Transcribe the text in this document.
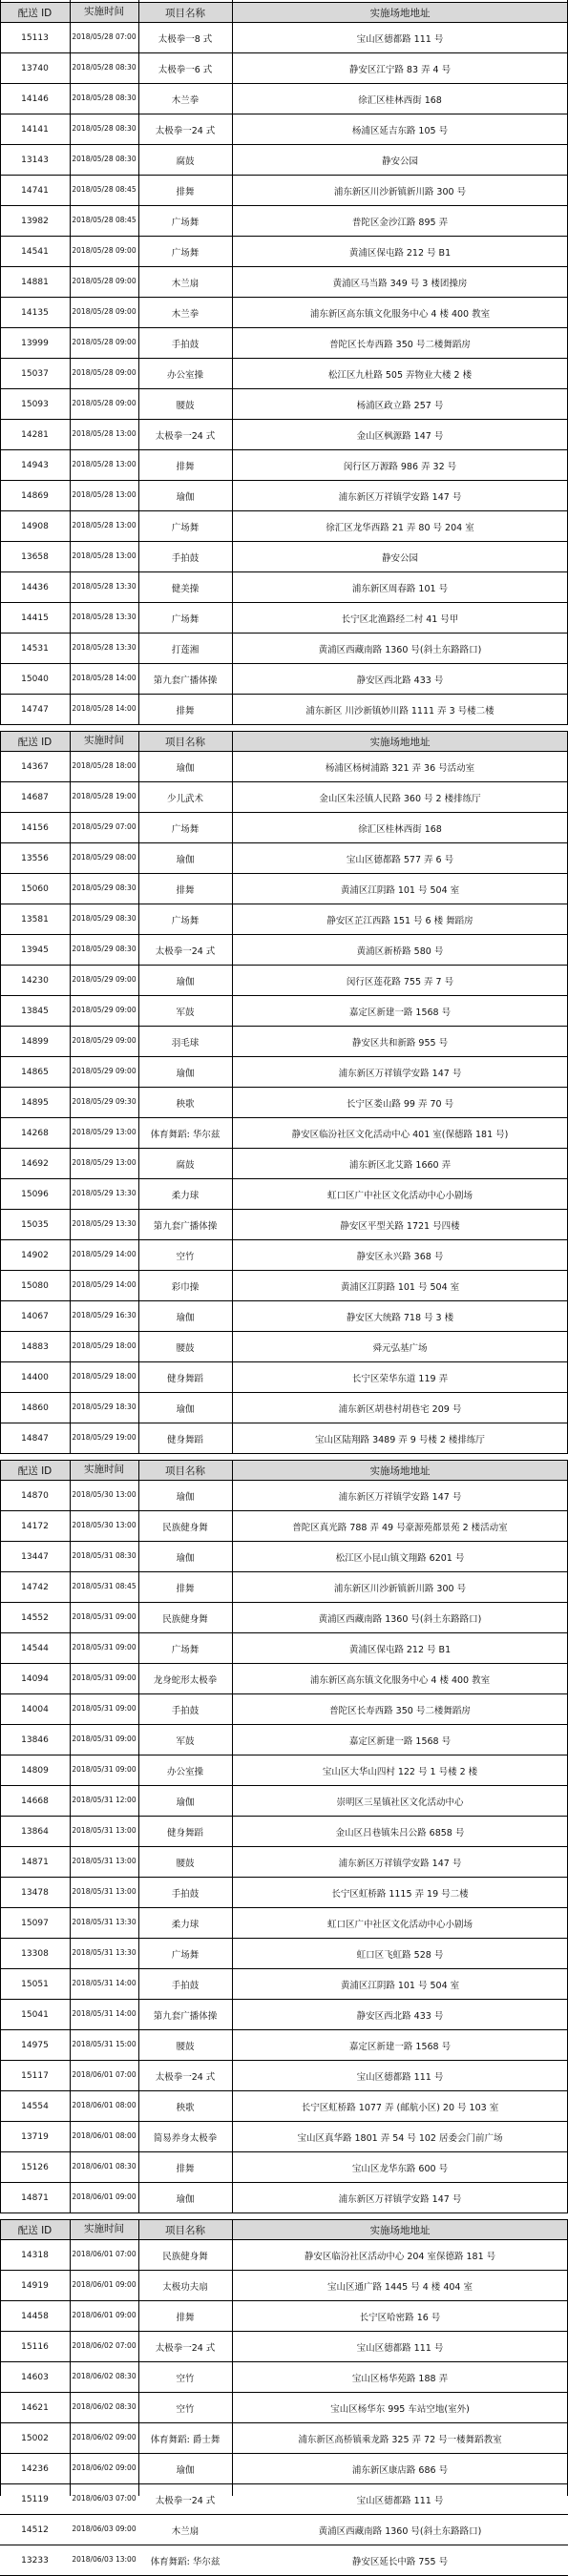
配送 ID	实施时间	项目名称	实施场地地址
15113	2018/05/28 07:00	太极拳一8 式	宝山区德都路 111 号
13740	2018/05/28 08:30	太极拳一6 式	静安区江宁路 83 弄 4 号
14146	2018/05/28 08:30	木兰拳	徐汇区桂林西街 168
14141	2018/05/28 08:30	太极拳一24 式	杨浦区延吉东路 105 号
13143	2018/05/28 08:30	腐鼓	静安公园
14741	2018/05/28 08:45	排舞	浦东新区川沙新镇新川路 300 号
13982	2018/05/28 08:45	广场舞	普陀区金沙江路 895 弄
14541	2018/05/28 09:00	广场舞	黄浦区保屯路 212 号 B1
14881	2018/05/28 09:00	木兰扇	黄浦区马当路 349 号 3 楼团操房
14135	2018/05/28 09:00	木兰拳	浦东新区高东镇文化服务中心 4 楼 400 教室
13999	2018/05/28 09:00	手拍鼓	普陀区长寿西路 350 号二楼舞蹈房
15037	2018/05/28 09:00	办公室操	松江区九杜路 505 弄物业大楼 2 楼
15093	2018/05/28 09:00	腰鼓	杨浦区政立路 257 号
14281	2018/05/28 13:00	太极拳一24 式	金山区枫源路 147 号
14943	2018/05/28 13:00	排舞	闵行区万源路 986 弄 32 号
14869	2018/05/28 13:00	瑜伽	浦东新区万祥镇学安路 147 号
14908	2018/05/28 13:00	广场舞	徐汇区龙华西路 21 弄 80 号 204 室
13658	2018/05/28 13:00	手拍鼓	静安公园
14436	2018/05/28 13:30	健美操	浦东新区周春路 101 号
14415	2018/05/28 13:30	广场舞	长宁区北渔路经二村 41 号甲
14531	2018/05/28 13:30	打莲湘	黄浦区西藏南路 1360 号(斜土东路路口)
15040	2018/05/28 14:00	第九套广播体操	静安区西北路 433 号
14747	2018/05/28 14:00	排舞	浦东新区 川沙新镇妙川路 1111 弄 3 号楼二楼
配送 ID	实施时间	项目名称	实施场地地址
14367	2018/05/28 18:00	瑜伽	杨浦区杨树浦路 321 弄 36 号活动室
14687	2018/05/28 19:00	少儿武术	金山区朱泾镇人民路 360 号 2 楼排练厅
14156	2018/05/29 07:00	广场舞	徐汇区桂林西街 168
13556	2018/05/29 08:00	瑜伽	宝山区德都路 577 弄 6 号
15060	2018/05/29 08:30	排舞	黄浦区江阴路 101 号 504 室
13581	2018/05/29 08:30	广场舞	静安区芷江西路 151 号 6 楼 舞蹈房
13945	2018/05/29 08:30	太极拳一24 式	黄浦区新桥路 580 号
14230	2018/05/29 09:00	瑜伽	闵行区莲花路 755 弄 7 号
13845	2018/05/29 09:00	军鼓	嘉定区新建一路 1568 号
14899	2018/05/29 09:00	羽毛球	静安区共和新路 955 号
14865	2018/05/29 09:00	瑜伽	浦东新区万祥镇学安路 147 号
14895	2018/05/29 09:30	秧歌	长宁区娄山路 99 弄 70 号
14268	2018/05/29 13:00	体育舞蹈: 华尔兹	静安区临汾社区文化活动中心 401 室(保德路 181 号)
14692	2018/05/29 13:00	腐鼓	浦东新区北艾路 1660 弄
15096	2018/05/29 13:30	柔力球	虹口区广中社区文化活动中心小剧场
15035	2018/05/29 13:30	第九套广播体操	静安区平型关路 1721 号四楼
14902	2018/05/29 14:00	空竹	静安区永兴路 368 号
15080	2018/05/29 14:00	彩巾操	黄浦区江阴路 101 号 504 室
14067	2018/05/29 16:30	瑜伽	静安区大统路 718 号 3 楼
14883	2018/05/29 18:00	腰鼓	舜元弘基广场
14400	2018/05/29 18:00	健身舞蹈	长宁区荣华东道 119 弄
14860	2018/05/29 18:30	瑜伽	浦东新区胡巷村胡巷宅 209 号
14847	2018/05/29 19:00	健身舞蹈	宝山区陆翔路 3489 弄 9 号楼 2 楼排练厅
配送 ID	实施时间	项目名称	实施场地地址
14870	2018/05/30 13:00	瑜伽	浦东新区万祥镇学安路 147 号
14172	2018/05/30 13:00	民族健身舞	普陀区真光路 788 弄 49 号豪源苑都景苑 2 楼活动室
13447	2018/05/31 08:30	瑜伽	松江区小昆山镇文翔路 6201 号
14742	2018/05/31 08:45	排舞	浦东新区川沙新镇新川路 300 号
14552	2018/05/31 09:00	民族健身舞	黄浦区西藏南路 1360 号(斜土东路路口)
14544	2018/05/31 09:00	广场舞	黄浦区保屯路 212 号 B1
14094	2018/05/31 09:00	龙身蛇形太极拳	浦东新区高东镇文化服务中心 4 楼 400 教室
14004	2018/05/31 09:00	手拍鼓	普陀区长寿西路 350 号二楼舞蹈房
13846	2018/05/31 09:00	军鼓	嘉定区新建一路 1568 号
14809	2018/05/31 09:00	办公室操	宝山区大华山四村 122 号 1 号楼 2 楼
14668	2018/05/31 12:00	瑜伽	崇明区三星镇社区文化活动中心
13864	2018/05/31 13:00	健身舞蹈	金山区吕巷镇朱吕公路 6858 号
14871	2018/05/31 13:00	腰鼓	浦东新区万祥镇学安路 147 号
13478	2018/05/31 13:00	手拍鼓	长宁区虹桥路 1115 弄 19 号二楼
15097	2018/05/31 13:30	柔力球	虹口区广中社区文化活动中心小剧场
13308	2018/05/31 13:30	广场舞	虹口区飞虹路 528 号
15051	2018/05/31 14:00	手拍鼓	黄浦区江阴路 101 号 504 室
15041	2018/05/31 14:00	第九套广播体操	静安区西北路 433 号
14975	2018/05/31 15:00	腰鼓	嘉定区新建一路 1568 号
15117	2018/06/01 07:00	太极拳一24 式	宝山区德都路 111 号
14554	2018/06/01 08:00	秧歌	长宁区虹桥路 1077 弄 (邮航小区) 20 号 103 室
13719	2018/06/01 08:00	简易养身太极拳	宝山区真华路 1801 弄 54 号 102 居委会门前广场
15126	2018/06/01 08:30	排舞	宝山区龙华东路 600 号
14871	2018/06/01 09:00	瑜伽	浦东新区万祥镇学安路 147 号
配送 ID	实施时间	项目名称	实施场地地址
14318	2018/06/01 07:00	民族健身舞	静安区临汾社区活动中心 204 室保德路 181 号
14919	2018/06/01 09:00	太极功夫扇	宝山区通广路 1445 号 4 楼 404 室
14458	2018/06/01 09:00	排舞	长宁区哈密路 16 号
15116	2018/06/02 07:00	太极拳一24 式	宝山区德都路 111 号
14603	2018/06/02 08:30	空竹	宝山区杨华苑路 188 弄
14621	2018/06/02 08:30	空竹	宝山区杨华东 995 车站空地(室外)
15002	2018/06/02 09:00	体育舞蹈: 爵士舞	浦东新区高桥镇乘龙路 325 弄 72 号一楼舞蹈教室
14236	2018/06/02 09:00	瑜伽	浦东新区康店路 686 号
15119	2018/06/03 07:00	太极拳一24 式	宝山区德都路 111 号
14512	2018/06/03 09:00	木兰扇	黄浦区西藏南路 1360 号(斜土东路路口)
13233	2018/06/03 13:00	体育舞蹈: 华尔兹	静安区延长中路 755 号
